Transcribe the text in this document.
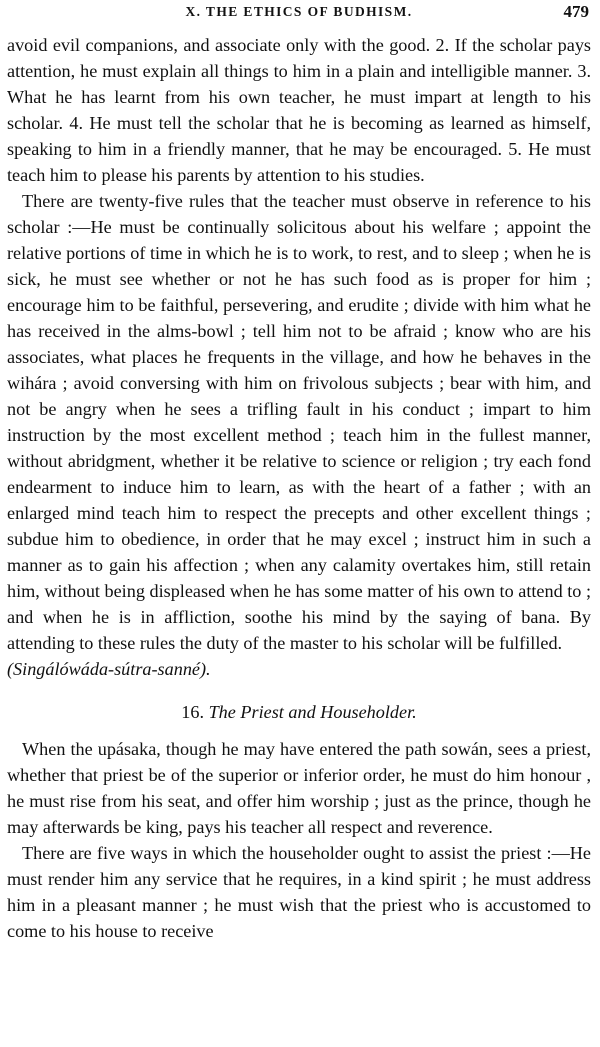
X. THE ETHICS OF BUDHISM.	479

avoid evil companions, and associate only with the good. 2. If the scholar pays attention, he must explain all things to him in a plain and intelligible manner. 3. What he has learnt from his own teacher, he must impart at length to his scholar. 4. He must tell the scholar that he is becoming as learned as himself, speaking to him in a friendly manner, that he may be encouraged. 5. He must teach him to please his parents by attention to his studies.

There are twenty-five rules that the teacher must observe in reference to his scholar :—He must be continually solicitous about his welfare ; appoint the relative portions of time in which he is to work, to rest, and to sleep ; when he is sick, he must see whether or not he has such food as is proper for him ; encourage him to be faithful, persevering, and erudite ; divide with him what he has received in the alms-bowl ; tell him not to be afraid ; know who are his associates, what places he frequents in the village, and how he behaves in the wihára ; avoid conversing with him on frivolous subjects ; bear with him, and not be angry when he sees a trifling fault in his conduct ; impart to him instruction by the most excellent method ; teach him in the fullest manner, without abridgment, whether it be relative to science or religion ; try each fond endearment to induce him to learn, as with the heart of a father ; with an enlarged mind teach him to respect the precepts and other excellent things ; subdue him to obedience, in order that he may excel ; instruct him in such a manner as to gain his affection ; when any calamity overtakes him, still retain him, without being displeased when he has some matter of his own to attend to ; and when he is in affliction, soothe his mind by the saying of bana. By attending to these rules the duty of the master to his scholar will be fulfilled.
(Singálówáda-sútra-sanné).

16. The Priest and Householder.

When the upásaka, though he may have entered the path sowán, sees a priest, whether that priest be of the superior or inferior order, he must do him honour , he must rise from his seat, and offer him worship ; just as the prince, though he may afterwards be king, pays his teacher all respect and reverence.

There are five ways in which the householder ought to assist the priest :—He must render him any service that he requires, in a kind spirit ; he must address him in a pleasant manner ; he must wish that the priest who is accustomed to come to his house to receive
